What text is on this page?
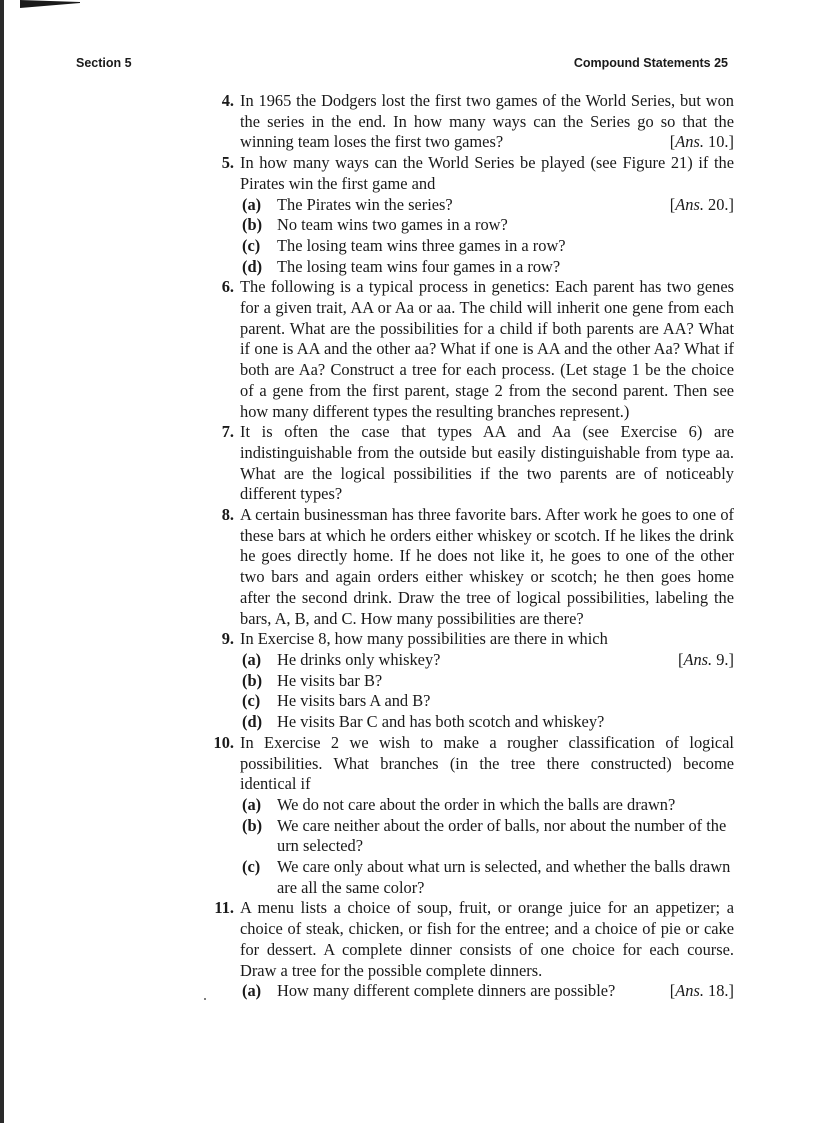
Section 5	Compound Statements 25
4. In 1965 the Dodgers lost the first two games of the World Series, but won the series in the end. In how many ways can the Series go so that the winning team loses the first two games?	[Ans. 10.]
5. In how many ways can the World Series be played (see Figure 21) if the Pirates win the first game and
(a)	[Ans. 20.]
The Pirates win the series?
(b) No team wins two games in a row?
(c) The losing team wins three games in a row?
(d) The losing team wins four games in a row?
6. The following is a typical process in genetics: Each parent has two genes for a given trait, AA or Aa or aa. The child will inherit one gene from each parent. What are the possibilities for a child if both parents are AA? What if one is AA and the other aa? What if one is AA and the other Aa? What if both are Aa? Construct a tree for each process. (Let stage 1 be the choice of a gene from the first parent, stage 2 from the second parent. Then see how many different types the resulting branches represent.)
7. It is often the case that types AA and Aa (see Exercise 6) are indistinguishable from the outside but easily distinguishable from type aa. What are the logical possibilities if the two parents are of noticeably different types?
8. A certain businessman has three favorite bars. After work he goes to one of these bars at which he orders either whiskey or scotch. If he likes the drink he goes directly home. If he does not like it, he goes to one of the other two bars and again orders either whiskey or scotch; he then goes home after the second drink. Draw the tree of logical possibilities, labeling the bars, A, B, and C. How many possibilities are there?
9. In Exercise 8, how many possibilities are there in which
(a)	[Ans. 9.]
He drinks only whiskey?
(b) He visits bar B?
(c) He visits bars A and B?
(d) He visits Bar C and has both scotch and whiskey?
10. In Exercise 2 we wish to make a rougher classification of logical possibilities. What branches (in the tree there constructed) become identical if
(a) We do not care about the order in which the balls are drawn?
(b) We care neither about the order of balls, nor about the number of the urn selected?
(c) We care only about what urn is selected, and whether the balls drawn are all the same color?
11. A menu lists a choice of soup, fruit, or orange juice for an appetizer; a choice of steak, chicken, or fish for the entree; and a choice of pie or cake for dessert. A complete dinner consists of one choice for each course. Draw a tree for the possible complete dinners.
(a)	[Ans. 18.]
How many different complete dinners are possible?
